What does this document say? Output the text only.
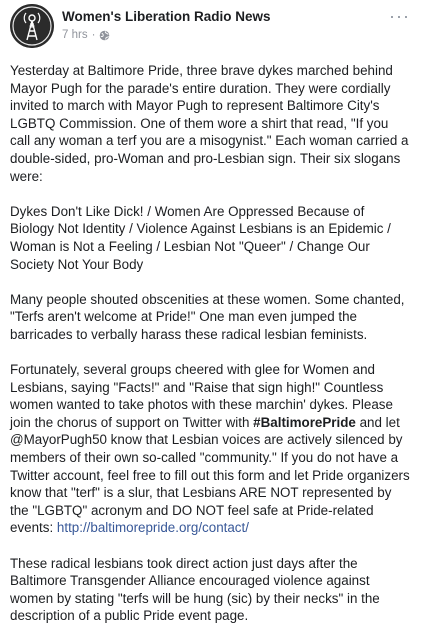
Women's Liberation Radio News
7 hrs ·
···

Yesterday at Baltimore Pride, three brave dykes marched behind Mayor Pugh for the parade's entire duration. They were cordially invited to march with Mayor Pugh to represent Baltimore City's LGBTQ Commission. One of them wore a shirt that read, "If you call any woman a terf you are a misogynist." Each woman carried a double-sided, pro-Woman and pro-Lesbian sign. Their six slogans were:

Dykes Don't Like Dick! / Women Are Oppressed Because of Biology Not Identity / Violence Against Lesbians is an Epidemic / Woman is Not a Feeling / Lesbian Not "Queer" / Change Our Society Not Your Body

Many people shouted obscenities at these women. Some chanted, "Terfs aren't welcome at Pride!" One man even jumped the barricades to verbally harass these radical lesbian feminists.

Fortunately, several groups cheered with glee for Women and Lesbians, saying "Facts!" and "Raise that sign high!" Countless women wanted to take photos with these marchin' dykes. Please join the chorus of support on Twitter with #BaltimorePride and let @MayorPugh50 know that Lesbian voices are actively silenced by members of their own so-called "community." If you do not have a Twitter account, feel free to fill out this form and let Pride organizers know that "terf" is a slur, that Lesbians ARE NOT represented by the "LGBTQ" acronym and DO NOT feel safe at Pride-related events: http://baltimorepride.org/contact/

These radical lesbians took direct action just days after the Baltimore Transgender Alliance encouraged violence against women by stating "terfs will be hung (sic) by their necks" in the description of a public Pride event page.
